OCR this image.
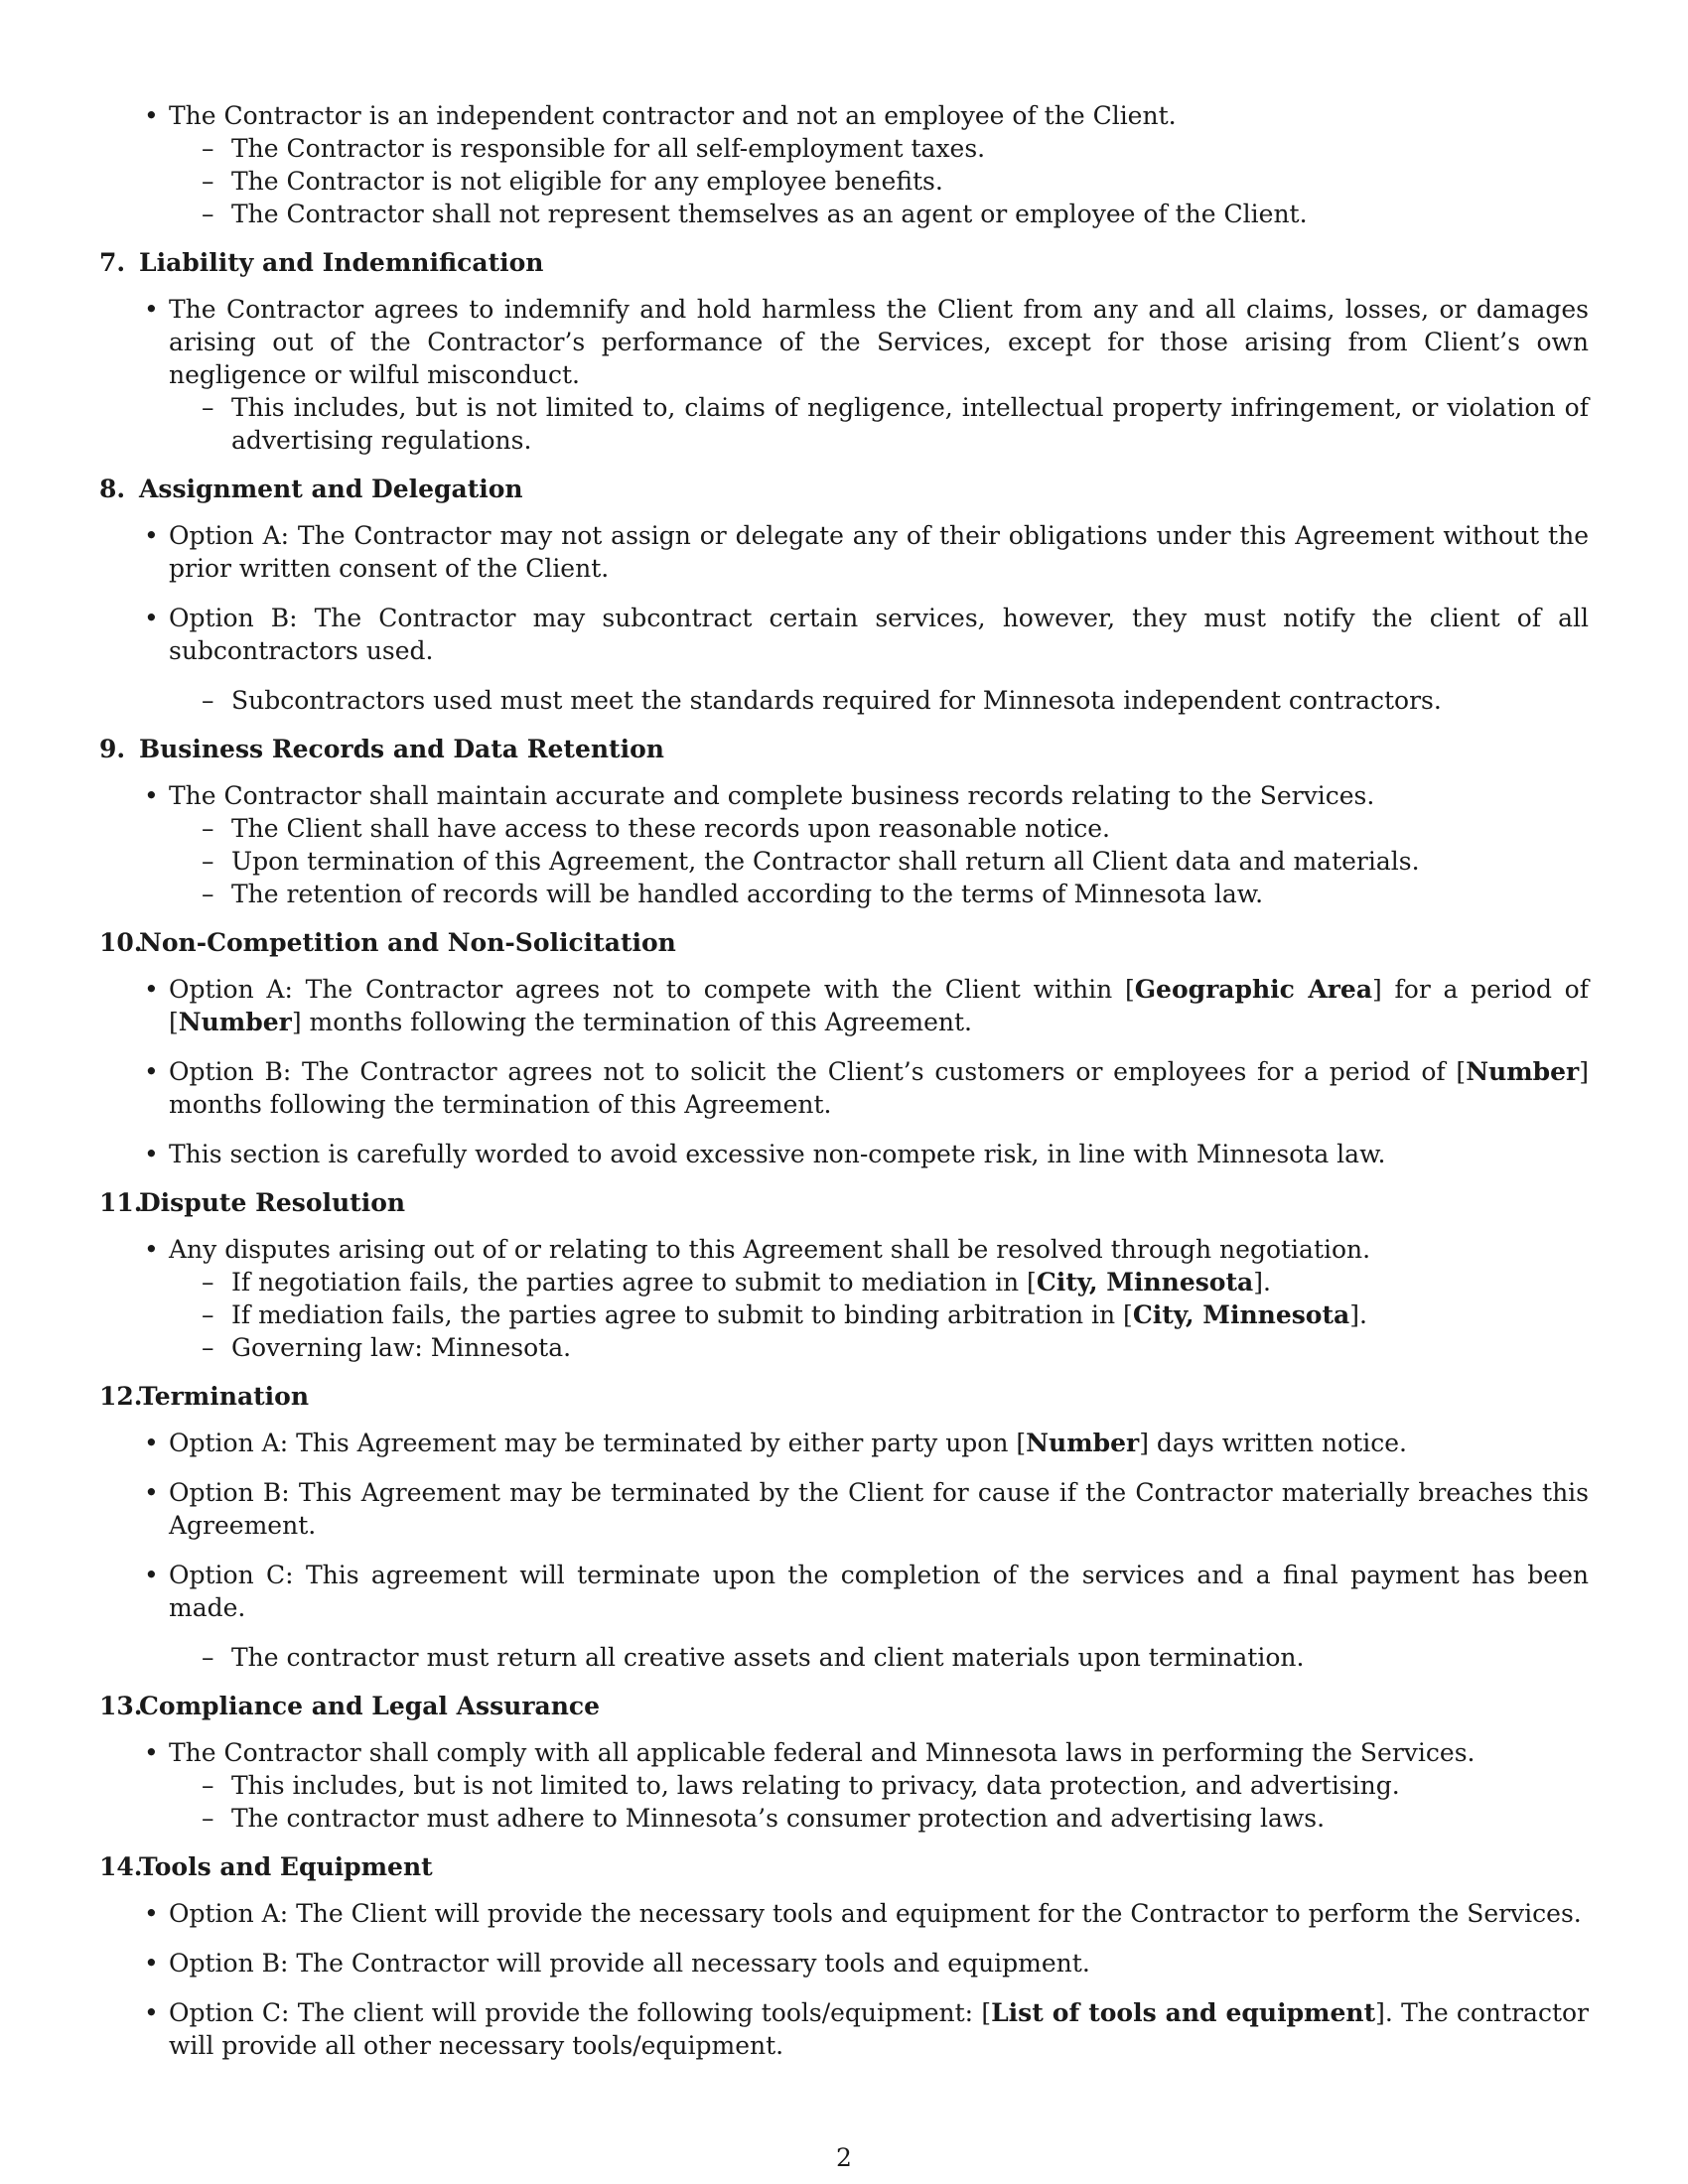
• The Contractor is an independent contractor and not an employee of the Client.
– The Contractor is responsible for all self-employment taxes.
– The Contractor is not eligible for any employee benefits.
– The Contractor shall not represent themselves as an agent or employee of the Client.
7. Liability and Indemnification
• The Contractor agrees to indemnify and hold harmless the Client from any and all claims, losses, or damages arising out of the Contractor’s performance of the Services, except for those arising from Client’s own negligence or wilful misconduct.
– This includes, but is not limited to, claims of negligence, intellectual property infringement, or violation of advertising regulations.
8. Assignment and Delegation
• Option A: The Contractor may not assign or delegate any of their obligations under this Agreement without the prior written consent of the Client.
• Option B: The Contractor may subcontract certain services, however, they must notify the client of all subcontractors used.
– Subcontractors used must meet the standards required for Minnesota independent contractors.
9. Business Records and Data Retention
• The Contractor shall maintain accurate and complete business records relating to the Services.
– The Client shall have access to these records upon reasonable notice.
– Upon termination of this Agreement, the Contractor shall return all Client data and materials.
– The retention of records will be handled according to the terms of Minnesota law.
10.
Non-Competition and Non-Solicitation
• Option A: The Contractor agrees not to compete with the Client within [Geographic Area] for a period of [Number] months following the termination of this Agreement.
• Option B: The Contractor agrees not to solicit the Client’s customers or employees for a period of [Number] months following the termination of this Agreement.
• This section is carefully worded to avoid excessive non-compete risk, in line with Minnesota law.
11.
Dispute Resolution
• Any disputes arising out of or relating to this Agreement shall be resolved through negotiation.
– If negotiation fails, the parties agree to submit to mediation in [City, Minnesota].
– If mediation fails, the parties agree to submit to binding arbitration in [City, Minnesota].
– Governing law: Minnesota.
12.
Termination
• Option A: This Agreement may be terminated by either party upon [Number] days written notice.
• Option B: This Agreement may be terminated by the Client for cause if the Contractor materially breaches this Agreement.
• Option C: This agreement will terminate upon the completion of the services and a final payment has been made.
– The contractor must return all creative assets and client materials upon termination.
13.
Compliance and Legal Assurance
• The Contractor shall comply with all applicable federal and Minnesota laws in performing the Services.
– This includes, but is not limited to, laws relating to privacy, data protection, and advertising.
– The contractor must adhere to Minnesota’s consumer protection and advertising laws.
14.
Tools and Equipment
• Option A: The Client will provide the necessary tools and equipment for the Contractor to perform the Services.
• Option B: The Contractor will provide all necessary tools and equipment.
• Option C: The client will provide the following tools/equipment: [List of tools and equipment]. The contractor will provide all other necessary tools/equipment.
2
